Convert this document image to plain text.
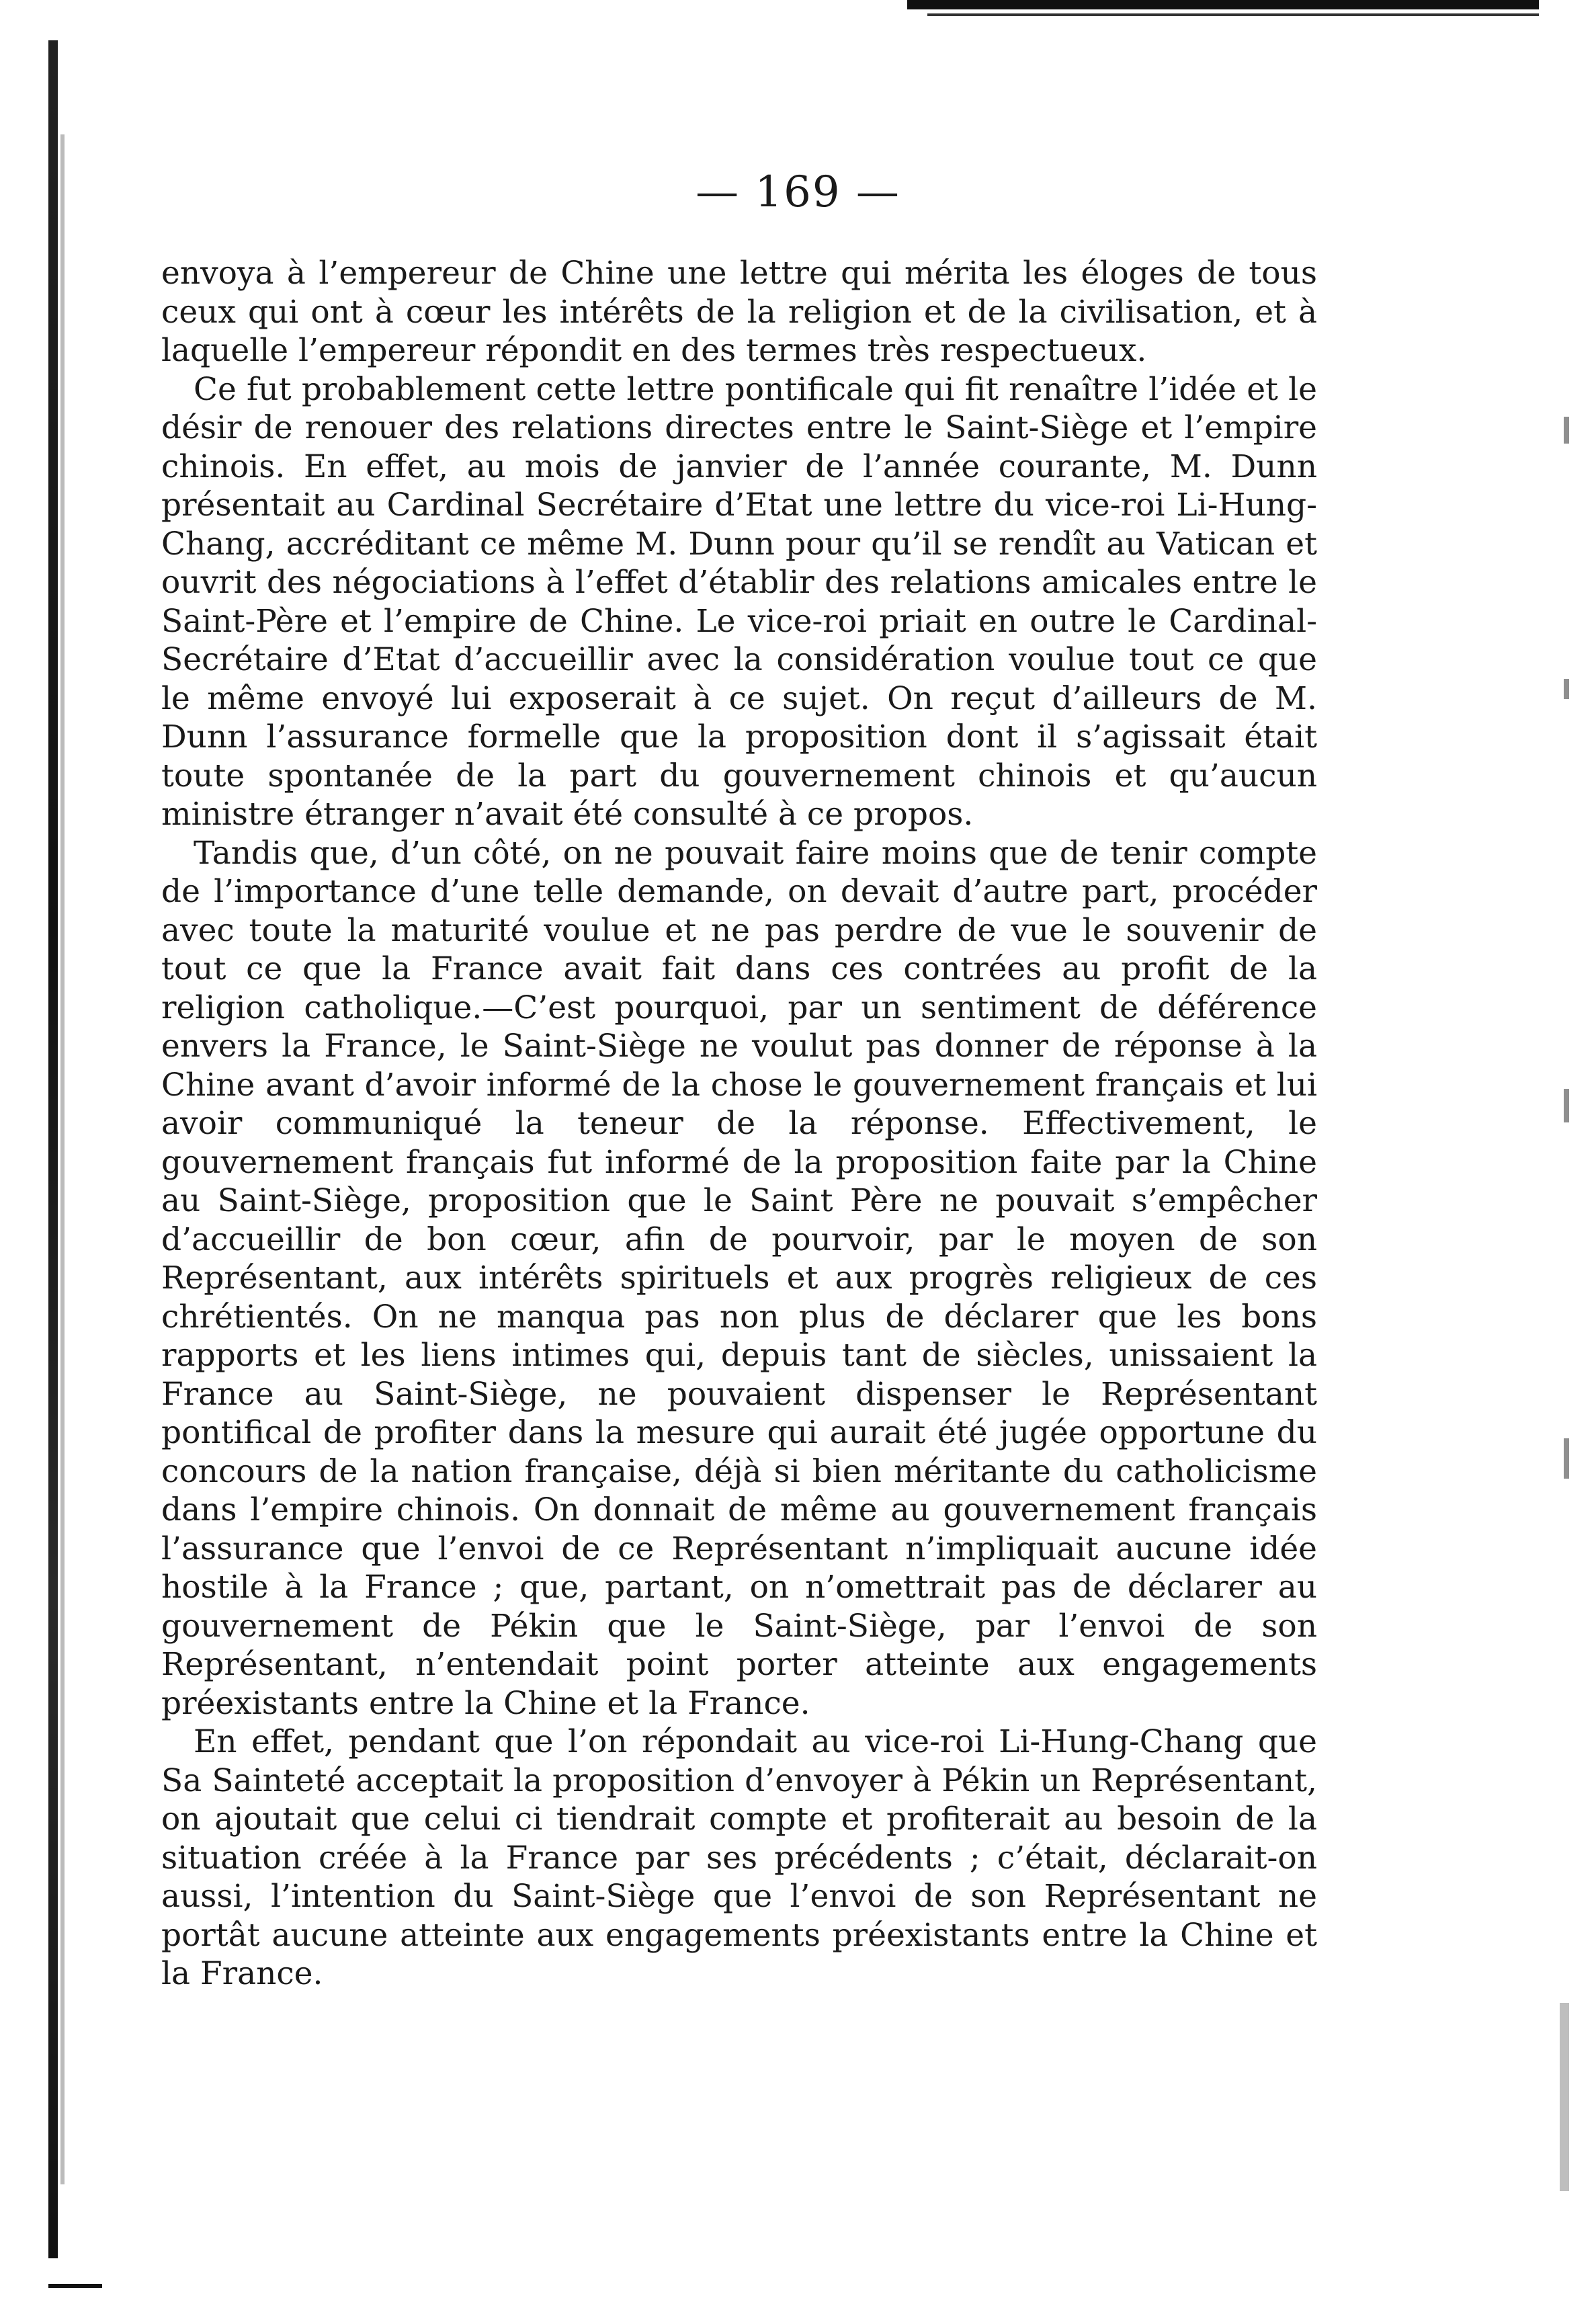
— 169 —

envoya à l’empereur de Chine une lettre qui mérita les éloges de tous ceux qui ont à cœur les intérêts de la religion et de la civilisation, et à laquelle l’empereur répondit en des termes très respectueux.

Ce fut probablement cette lettre pontificale qui fit renaître l’idée et le désir de renouer des relations directes entre le Saint-Siège et l’empire chinois. En effet, au mois de janvier de l’année courante, M. Dunn présentait au Cardinal Secrétaire d’Etat une lettre du vice-roi Li-Hung-Chang, accréditant ce même M. Dunn pour qu’il se rendît au Vatican et ouvrit des négociations à l’effet d’établir des relations amicales entre le Saint-Père et l’empire de Chine. Le vice-roi priait en outre le Cardinal-Secrétaire d’Etat d’accueillir avec la considération voulue tout ce que le même envoyé lui exposerait à ce sujet. On reçut d’ailleurs de M. Dunn l’assurance formelle que la proposition dont il s’agissait était toute spontanée de la part du gouvernement chinois et qu’aucun ministre étranger n’avait été consulté à ce propos.

Tandis que, d’un côté, on ne pouvait faire moins que de tenir compte de l’importance d’une telle demande, on devait d’autre part, procéder avec toute la maturité voulue et ne pas perdre de vue le souvenir de tout ce que la France avait fait dans ces contrées au profit de la religion catholique.—C’est pourquoi, par un sentiment de déférence envers la France, le Saint-Siège ne voulut pas donner de réponse à la Chine avant d’avoir informé de la chose le gouvernement français et lui avoir communiqué la teneur de la réponse. Effectivement, le gouvernement français fut informé de la proposition faite par la Chine au Saint-Siège, proposition que le Saint Père ne pouvait s’empêcher d’accueillir de bon cœur, afin de pourvoir, par le moyen de son Représentant, aux intérêts spirituels et aux progrès religieux de ces chrétientés. On ne manqua pas non plus de déclarer que les bons rapports et les liens intimes qui, depuis tant de siècles, unissaient la France au Saint-Siège, ne pouvaient dispenser le Représentant pontifical de profiter dans la mesure qui aurait été jugée opportune du concours de la nation française, déjà si bien méritante du catholicisme dans l’empire chinois. On donnait de même au gouvernement français l’assurance que l’envoi de ce Représentant n’impliquait aucune idée hostile à la France ; que, partant, on n’omettrait pas de déclarer au gouvernement de Pékin que le Saint-Siège, par l’envoi de son Représentant, n’entendait point porter atteinte aux engagements préexistants entre la Chine et la France.

En effet, pendant que l’on répondait au vice-roi Li-Hung-Chang que Sa Sainteté acceptait la proposition d’envoyer à Pékin un Représentant, on ajoutait que celui ci tiendrait compte et profiterait au besoin de la situation créée à la France par ses précédents ; c’était, déclarait-on aussi, l’intention du Saint-Siège que l’envoi de son Représentant ne portât aucune atteinte aux engagements préexistants entre la Chine et la France.
